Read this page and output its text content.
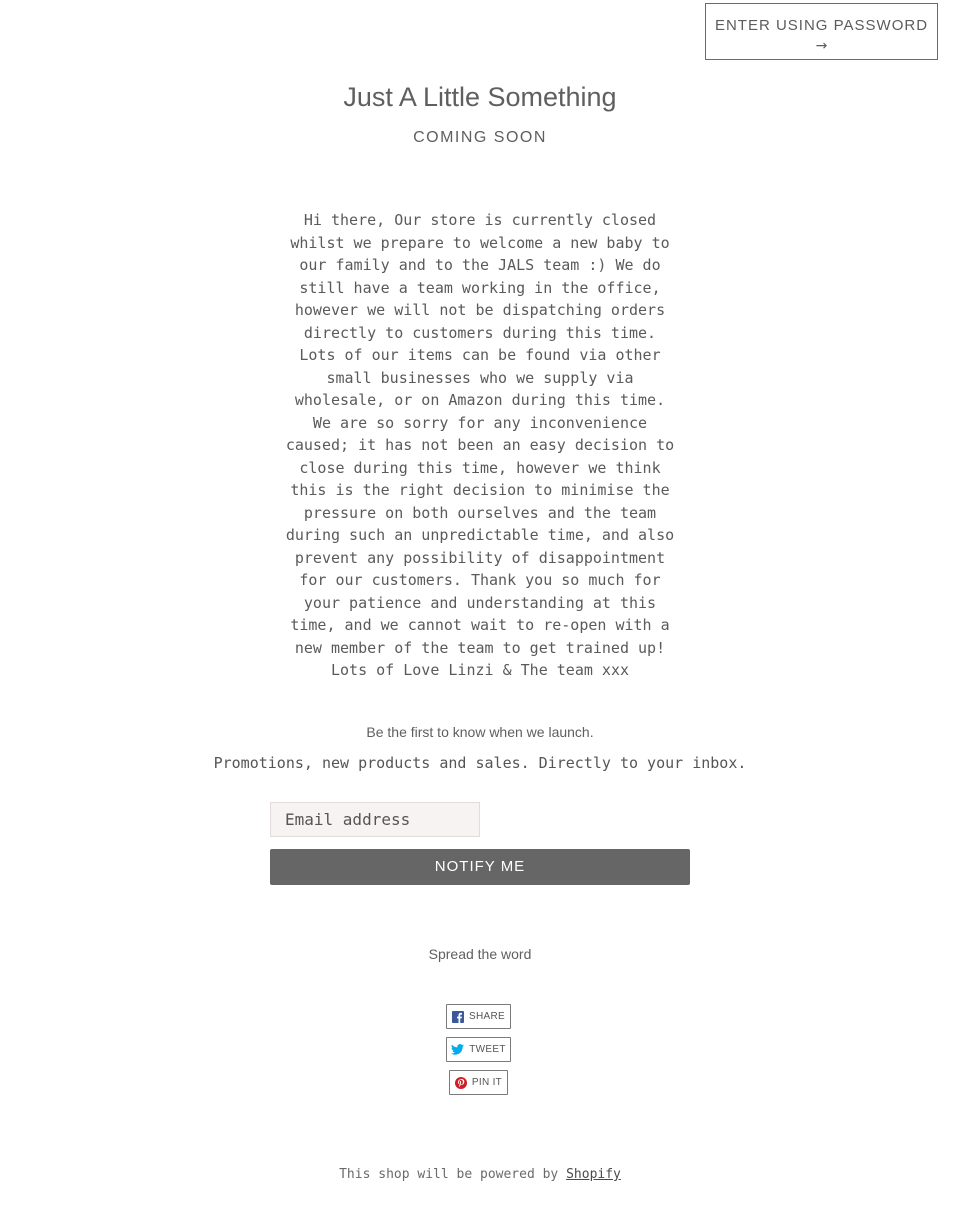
ENTER USING PASSWORD
→
Just A Little Something
COMING SOON
Hi there, Our store is currently closed whilst we prepare to welcome a new baby to our family and to the JALS team :) We do still have a team working in the office, however we will not be dispatching orders directly to customers during this time. Lots of our items can be found via other small businesses who we supply via wholesale, or on Amazon during this time. We are so sorry for any inconvenience caused; it has not been an easy decision to close during this time, however we think this is the right decision to minimise the pressure on both ourselves and the team during such an unpredictable time, and also prevent any possibility of disappointment for our customers. Thank you so much for your patience and understanding at this time, and we cannot wait to re-open with a new member of the team to get trained up! Lots of Love Linzi & The team xxx
Be the first to know when we launch.
Promotions, new products and sales. Directly to your inbox.
Email address
NOTIFY ME
Spread the word
SHARE
TWEET
PIN IT
This shop will be powered by Shopify
